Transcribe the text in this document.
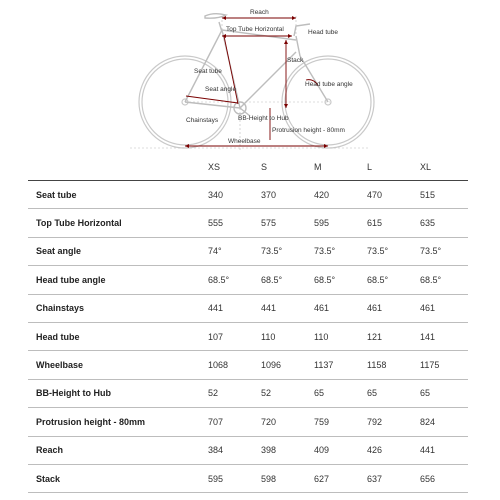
Reach
Top Tube Horizontal	Head tube
Stack
Seat tube
Head tube angle
Seat angle
Chainstays	BB-Height to Hub
Protrusion height - 80mm
Wheelbase
	XS	S	M	L	XL
Seat tube	340	370	420	470	515
Top Tube Horizontal	555	575	595	615	635
Seat angle	74°	73.5°	73.5°	73.5°	73.5°
Head tube angle	68.5°	68.5°	68.5°	68.5°	68.5°
Chainstays	441	441	461	461	461
Head tube	107	110	110	121	141
Wheelbase	1068	1096	1137	1158	1175
BB-Height to Hub	52	52	65	65	65
Protrusion height - 80mm	707	720	759	792	824
Reach	384	398	409	426	441
Stack	595	598	627	637	656
